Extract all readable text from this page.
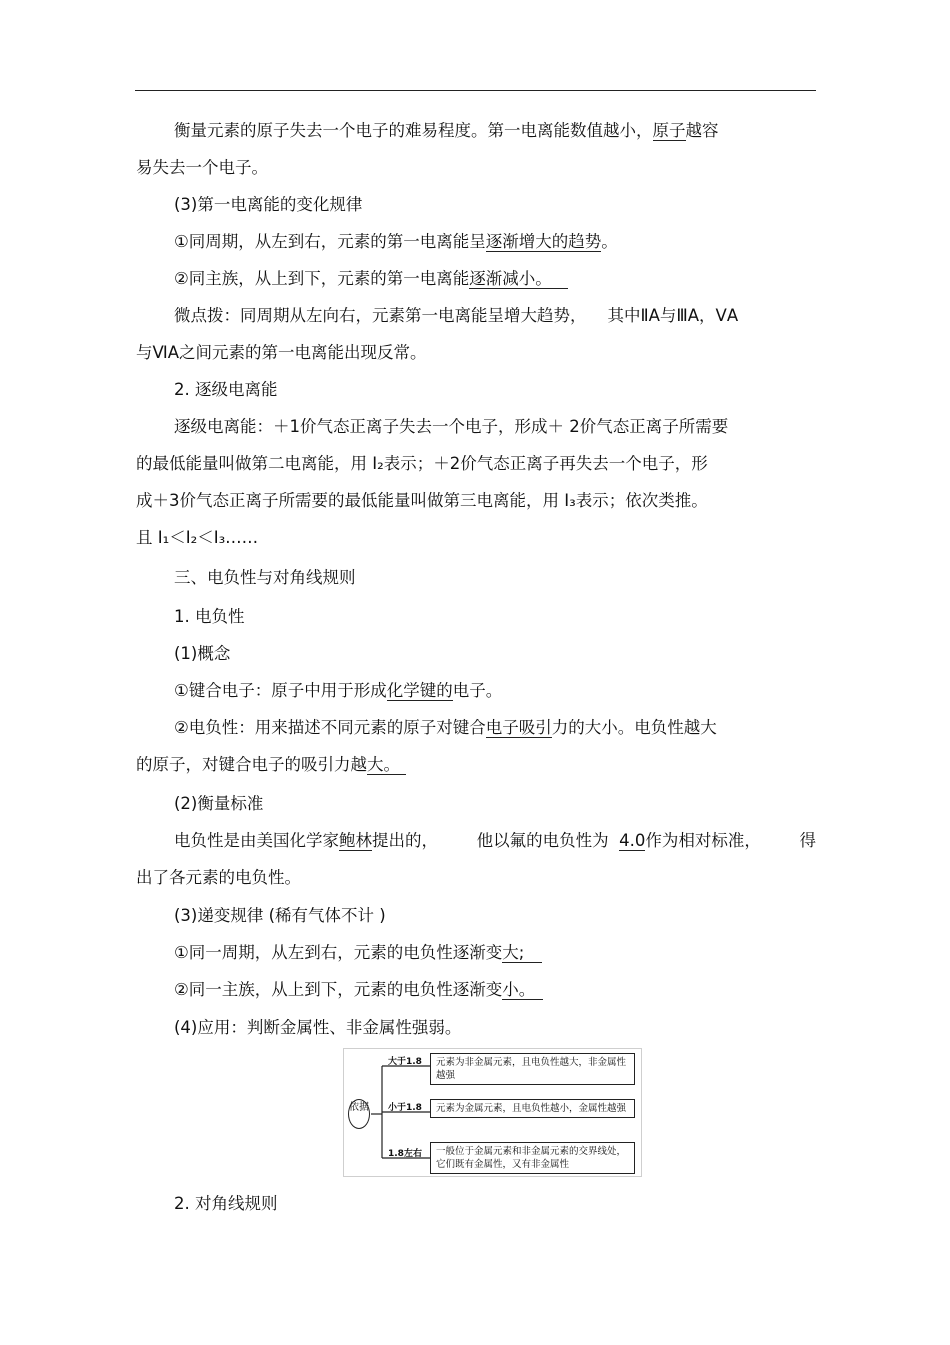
衡量元素的原子失去一个电子的难易程度。第一电离能数值越小，原子越容
易失去一个电子。
(3)第一电离能的变化规律
①同周期，从左到右，元素的第一电离能呈逐渐增大的趋势。
②同主族，从上到下，元素的第一电离能逐渐减小。
微点拨：同周期从左向右，元素第一电离能呈增大趋势， 其中ⅡA与ⅢA，ⅤA
与ⅥA之间元素的第一电离能出现反常。
2. 逐级电离能
逐级电离能：＋1价气态正离子失去一个电子，形成＋ 2价气态正离子所需要
的最低能量叫做第二电离能，用 I₂表示；＋2价气态正离子再失去一个电子，形
成＋3价气态正离子所需要的最低能量叫做第三电离能，用 I₃表示；依次类推。
且 I₁＜I₂＜I₃……
三、电负性与对角线规则
1. 电负性
(1)概念
①键合电子：原子中用于形成化学键的电子。
②电负性：用来描述不同元素的原子对键合电子吸引力的大小。电负性越大
的原子，对键合电子的吸引力越大。
(2)衡量标准
电负性是由美国化学家鲍林提出的， 他以氟的电负性为 4.0作为相对标准， 得
出了各元素的电负性。
(3)递变规律 (稀有气体不计 )
①同一周期，从左到右，元素的电负性逐渐变大;
②同一主族，从上到下，元素的电负性逐渐变小。
(4)应用：判断金属性、非金属性强弱。
依据
大于1.8
小于1.8
1.8左右
元素为非金属元素，且电负性越大，非金属性越强
元素为金属元素，且电负性越小，金属性越强
一般位于金属元素和非金属元素的交界线处，它们既有金属性，又有非金属性
2. 对角线规则
